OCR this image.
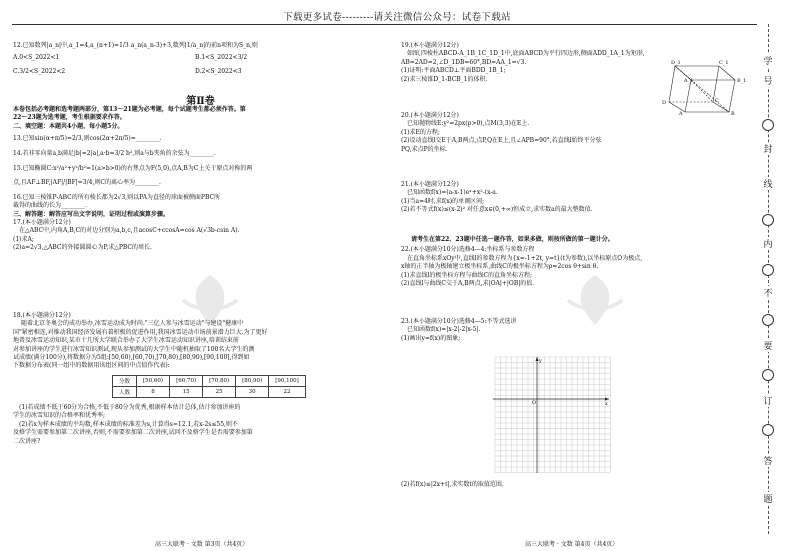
下载更多试卷---------请关注微信公众号：试卷下载站

12.已知数列|a_n|中,a_1=4,a_(n+1)=1/3 a_n(a_n-3)+3,数列|1/a_n|的前n项和为S_n,则

A.0<S_2022<1	B.1<S_2022<3/2

C.3/2<S_2022<2	D.2<S_2022<3

第Ⅱ卷

本卷包括必考题和选考题两部分，第13～21题为必考题，每个试题考生都必须作答。第

22～23题为选考题，考生根据要求作答。

二、填空题：本题共4小题，每小题5分。

13.已知sin(α+π/5)=2/3,则cos(2α+2π/5)=________.

14.若非零向量a,b满足|b|=2|a|,a·b=3/2 b²,则a与b夹角的余弦为________.

15.已知椭圆C:x²/a²+y²/b²=1(a>b>0)的右焦点为F(5,0),点A,B为C上关于原点对称的两

点,且AF⊥BF,|AF|/|BF|=3/4,则C的离心率为________.

16.已知三棱锥P-ABC的所有棱长都为2√3,则以PA为直径的球面被侧面PBC所

截得的曲线的长为________.

三、解答题：解答应写出文字说明，证明过程或演算步骤。

17.(本小题满分12分)

在△ABC中,内角A,B,C的对边分别为a,b,c,且acosC+ccosA=cos A(√3b-csin A).

(1)求A;

(2)a=2√3,△ABC的外接圆圆心为P,求△PBC的周长.

18.(本小题满分12分)

随着北京冬奥会的成功举办,冰雪运动成为时尚."三亿人参与冰雪运动"与建设"健康中

国"紧密相连,对推动我国经济发展有着积极的促进作用,我国冰雪运动市场前景潜力巨大.为了更好

地普及冰雪运动知识,某市十几所大学联合举办了大学生冰雪运动知识讲座,培训结束前

对参加讲座的学生进行冰雪知识测试,现从参加测试的大学生中随机抽取了100名大学生的测

试成绩(满分100分),将数据分为5组:[50,60),[60,70),[70,80),[80,90),[90,100],得到如

下数据分布表(同一组中的数据用该组区间的中点值作代表):

分数	[50,60)	[60,70)	[70,80)	[80,90)	[90,100]
人数	8	15	25	30	22

(1)若成绩不低于60分为合格,不低于80分为优秀,根据样本估计总体,估计参加讲座的

学生的冰雪知识的合格率和优秀率;

(2)若x为样本成绩的平均数,样本成绩的标准差为s,计算得s≈12.1,若x-2s≤55,则不

及格学生需要参加第二次讲座,否则,不需要参加第二次讲座,试问不及格学生是否需要参加第

二次讲座?

高三大联考 · 文数 第3页（共4页）

19.(本小题满分12分)

如图,四棱柱ABCD-A_1B_1C_1D_1中,底面ABCD为平行四边形,侧面ADD_1A_1为矩形,

AB=2AD=2,∠D_1DB=60°,BD=AA_1=√3.

(1)证明:平面ABCD⊥平面BDD_1B_1;

(2)求三棱锥D_1-BCB_1的体积.

20.(本小题满分12分)

已知抛物线E:y²=2px(p>0),点M(3,3)在E上.

(1)求E的方程;

(2)设动直线l交E于A,B两点,点P,Q在E上,且∠APB=90°,若直线l始终平分弦

PQ,求点P的坐标.

21.(本小题满分12分)

已知函数f(x)=(a-x-1)eˣ+x²-(x-a.

(1)当a=4时,求f(x)的单调区间;

(2)若不等式f(x)≤(x-2)² 对任意x∈(0,+∞)恒成立,求实数a的最大整数值.

请考生在第22、23题中任选一题作答，如果多做，则按所做的第一题计分。

22.(本小题满分10分)选修4—4:坐标系与参数方程

在直角坐标系xOy中,直线l的参数方程为{x=-1+2t, y=t}(t为参数),以坐标原点O为极点,

x轴的正半轴为极轴建立极坐标系,曲线C的极坐标方程为ρ=2cos θ+sin θ.

(1)求直线l的极坐标方程与曲线C的直角坐标方程;

(2)直线l与曲线C交于A,B两点,求|OA|+|OB|的值.

23.(本小题满分10分)选修4—5:不等式选讲

已知函数f(x)=|x-2|-2|x-5|.

(1)画出y=f(x)的图象;

(2)若f(x)≤|2x+t|,求实数t的取值范围.

高三大联考 · 文数 第4页（共4页）
D_1	C_1
A_1	B_1
D	C
A	B
x
y
O
学
号
封
线
内
不
要
订
答
题
